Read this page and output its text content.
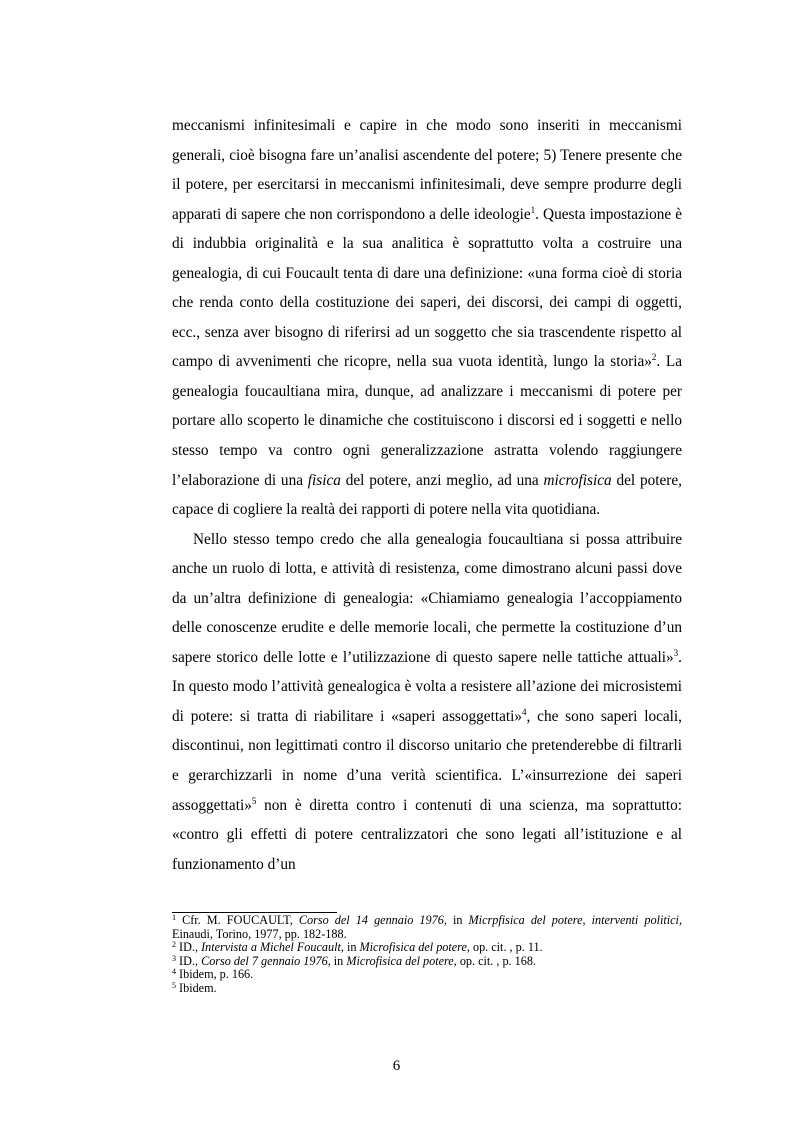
meccanismi infinitesimali e capire in che modo sono inseriti in meccanismi generali, cioè bisogna fare un’analisi ascendente del potere; 5) Tenere presente che il potere, per esercitarsi in meccanismi infinitesimali, deve sempre produrre degli apparati di sapere che non corrispondono a delle ideologie$^1$. Questa impostazione è di indubbia originalità e la sua analitica è soprattutto volta a costruire una genealogia, di cui Foucault tenta di dare una definizione: «una forma cioè di storia che renda conto della costituzione dei saperi, dei discorsi, dei campi di oggetti, ecc., senza aver bisogno di riferirsi ad un soggetto che sia trascendente rispetto al campo di avvenimenti che ricopre, nella sua vuota identità, lungo la storia»$^2$. La genealogia foucaultiana mira, dunque, ad analizzare i meccanismi di potere per portare allo scoperto le dinamiche che costituiscono i discorsi ed i soggetti e nello stesso tempo va contro ogni generalizzazione astratta volendo raggiungere l’elaborazione di una fisica del potere, anzi meglio, ad una microfisica del potere, capace di cogliere la realtà dei rapporti di potere nella vita quotidiana.

Nello stesso tempo credo che alla genealogia foucaultiana si possa attribuire anche un ruolo di lotta, e attività di resistenza, come dimostrano alcuni passi dove da un’altra definizione di genealogia: «Chiamiamo genealogia l’accoppiamento delle conoscenze erudite e delle memorie locali, che permette la costituzione d’un sapere storico delle lotte e l’utilizzazione di questo sapere nelle tattiche attuali»$^3$. In questo modo l’attività genealogica è volta a resistere all’azione dei microsistemi di potere: si tratta di riabilitare i «saperi assoggettati»$^4$, che sono saperi locali, discontinui, non legittimati contro il discorso unitario che pretenderebbe di filtrarli e gerarchizzarli in nome d’una verità scientifica. L’«insurrezione dei saperi assoggettati»$^5$ non è diretta contro i contenuti di una scienza, ma soprattutto: «contro gli effetti di potere centralizzatori che sono legati all’istituzione e al funzionamento d’un

$^1$ Cfr. M. FOUCAULT, Corso del 14 gennaio 1976, in Micrpfisica del potere, interventi politici, Einaudi, Torino, 1977, pp. 182-188.

$^2$ ID., Intervista a Michel Foucault, in Microfisica del potere, op. cit. , p. 11.

$^3$ ID., Corso del 7 gennaio 1976, in Microfisica del potere, op. cit. , p. 168.

$^4$ Ibidem, p. 166.

$^5$ Ibidem.

6
